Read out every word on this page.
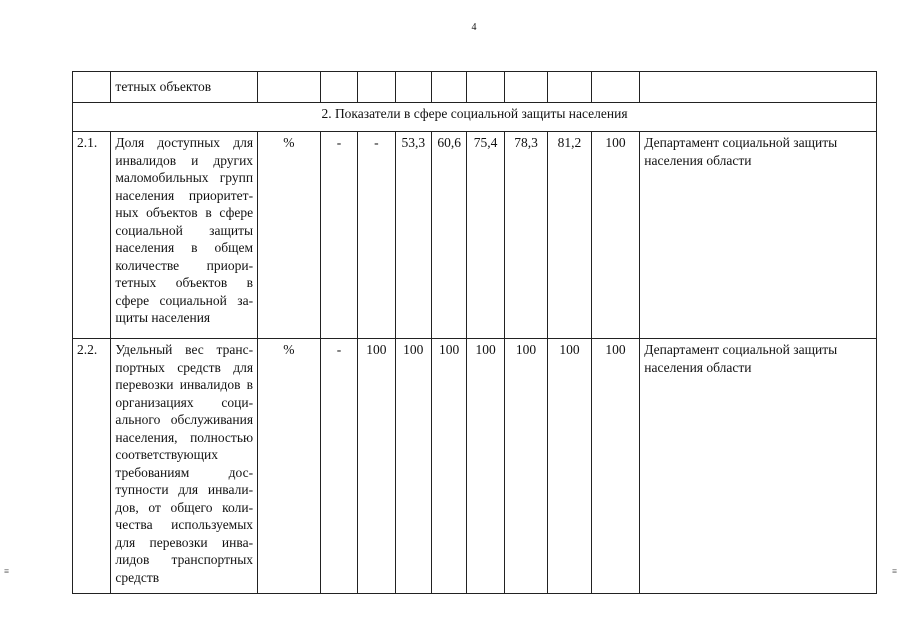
4
	тетных объектов										
2. Показатели в сфере социальной защиты населения											
2.1.	Доля доступных для инвалидов и других маломобильных групп населения приоритетных объектов в сфере социальной защиты населения в общем количестве приоритетных объектов в сфере социальной защиты населения	%	-	-	53,3	60,6	75,4	78,3	81,2	100	Департамент социальной защиты населения области
2.2.	Удельный вес транспортных средств для перевозки инвалидов в организациях социального обслуживания населения, полностью соответствующих требованиям доступности для инвалидов, от общего количества используемых для перевозки инвалидов транспортных средств	%	-	100	100	100	100	100	100	100	Департамент социальной защиты населения области
≡	≡
